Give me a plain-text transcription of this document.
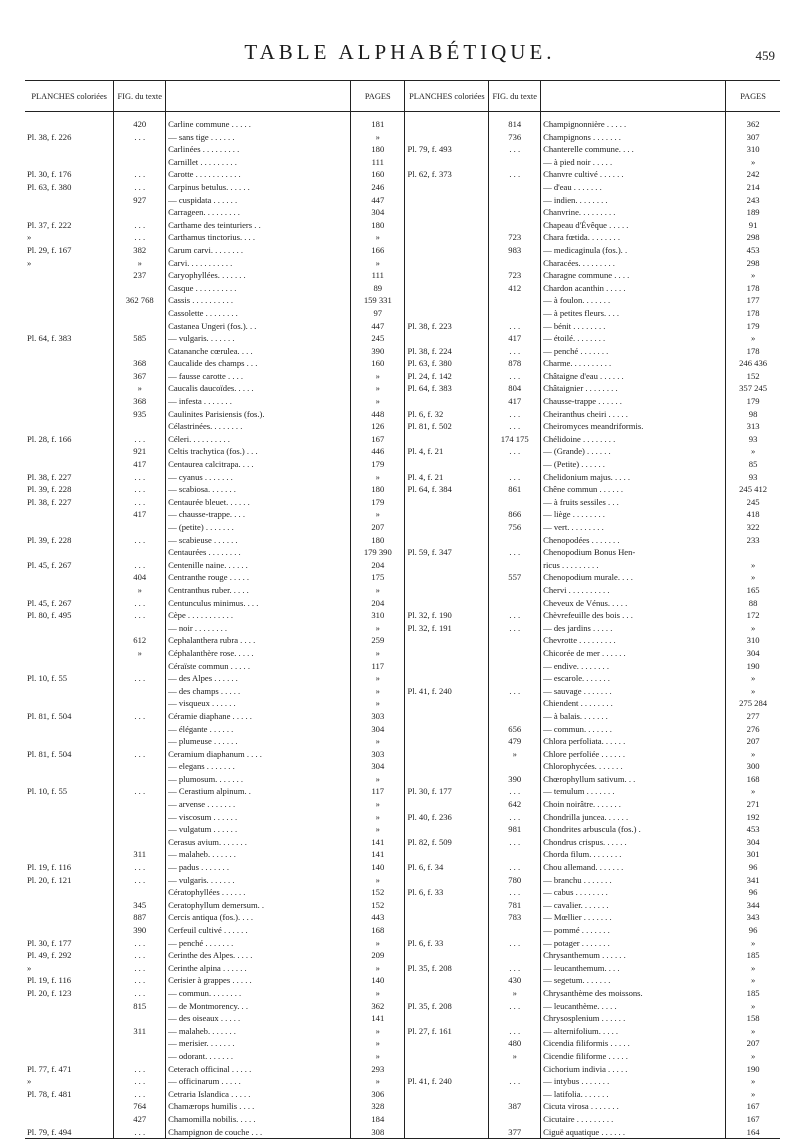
TABLE ALPHABÉTIQUE.	459
PLANCHES coloriées	FIG. du texte		PAGES	PLANCHES coloriées	FIG. du texte		PAGES

	420	Carline commune . . . . .	181		814	Champignonnière . . . . .	362
Pl. 38, f. 226	. . .	— sans tige . . . . . .	»		736	Champignons . . . . . . .	307
		Carlinées . . . . . . . . .	180	Pl. 79, f. 493	. . .	Chanterelle commune. . . .	310
		Carnillet . . . . . . . . .	111			— à pied noir . . . . .	»
Pl. 30, f. 176	. . .	Carotte . . . . . . . . . . .	160	Pl. 62, f. 373	. . .	Chanvre cultivé . . . . . .	242
Pl. 63, f. 380	. . .	Carpinus betulus. . . . . .	246			— d'eau . . . . . . .	214
	927	— cuspidata . . . . . .	447			— indien. . . . . . . .	243
		Carrageen. . . . . . . . .	304			Chanvrine. . . . . . . . .	189
Pl. 37, f. 222	. . .	Carthame des teinturiers . .	180			Chapeau d'Évêque . . . . .	91
»	. . .	Carthamus tinctorius. . . .	»		723	Chara fœtida. . . . . . . .	298
Pl. 29, f. 167	382	Carum carvi. . . . . . . .	166		983	— medicaginula (fos.). .	453
»	»	Carvi. . . . . . . . . . .	»			Characées. . . . . . . . .	298
	237	Caryophyllées. . . . . . .	111		723	Charagne commune . . . .	»
		Casque . . . . . . . . . .	89		412	Chardon acanthin . . . . .	178
	362 768	Cassis . . . . . . . . . .	159 331			— à foulon. . . . . . .	177
		Cassolette . . . . . . . .	97			— à petites fleurs. . . .	178
		Castanea Ungeri (fos.). . .	447	Pl. 38, f. 223	. . .	— bénit . . . . . . . .	179
Pl. 64, f. 383	585	— vulgaris. . . . . . .	245		417	— étoilé. . . . . . . .	»
		Catananche cœrulea. . . .	390	Pl. 38, f. 224	. . .	— penché . . . . . . .	178
	368	Caucalide des champs . . .	160	Pl. 63, f. 380	878	Charme. . . . . . . . . .	246 436
	367	— fausse carotte . . . .	»	Pl. 24, f. 142	. . .	Châtaigne d'eau . . . . . .	152
	»	Caucalis daucoïdes. . . . .	»	Pl. 64, f. 383	804	Châtaignier . . . . . . . .	357 245
	368	— infesta . . . . . . .	»		417	Chausse-trappe . . . . . .	179
	935	Caulinites Parisiensis (fos.).	448	Pl. 6, f. 32	. . .	Cheiranthus cheiri . . . . .	98
		Célastrinées. . . . . . . .	126	Pl. 81, f. 502	. . .	Cheiromyces meandriformis.	313
Pl. 28, f. 166	. . .	Céleri. . . . . . . . . .	167		174 175	Chélidoine . . . . . . . .	93
	921	Celtis trachytica (fos.) . . .	446	Pl. 4, f. 21	. . .	— (Grande) . . . . . .	»
	417	Centaurea calcitrapa. . . .	179			— (Petite) . . . . . .	85
Pl. 38, f. 227	. . .	— cyanus . . . . . . .	»	Pl. 4, f. 21	. . .	Chelidonium majus. . . . .	93
Pl. 39, f. 228	. . .	— scabiosa. . . . . . .	180	Pl. 64, f. 384	861	Chêne commun . . . . . .	245 412
Pl. 38, f. 227	. . .	Centaurée bleuet. . . . . .	179			— à fruits sessiles . . .	245
	417	— chausse-trappe. . . .	»		866	— liège . . . . . . . .	418
		— (petite) . . . . . . .	207		756	— vert. . . . . . . . .	322
Pl. 39, f. 228	. . .	— scabieuse . . . . . .	180			Chenopodées . . . . . . .	233
		Centaurées . . . . . . . .	179 390	Pl. 59, f. 347	. . .	Chenopodium Bonus Hen-	
Pl. 45, f. 267	. . .	Centenille naine. . . . . .	204			ricus . . . . . . . . .	»
	404	Centranthe rouge . . . . .	175		557	Chenopodium murale. . . .	»
	»	Centranthus ruber. . . . .	»			Chervi . . . . . . . . . .	165
Pl. 45, f. 267	. . .	Centunculus minimus. . . .	204			Cheveux de Vénus. . . . .	88
Pl. 80, f. 495	. . .	Cèpe . . . . . . . . . . .	310	Pl. 32, f. 190	. . .	Chèvrefeuille des bois . . .	172
		— noir . . . . . . . .	»	Pl. 32, f. 191	. . .	— des jardins . . . . .	»
	612	Cephalanthera rubra . . . .	259			Chevrotte . . . . . . . . .	310
	»	Céphalanthère rose. . . . .	»			Chicorée de mer . . . . . .	304
		Céraïste commun . . . . .	117			— endive. . . . . . . .	190
Pl. 10, f. 55	. . .	— des Alpes . . . . . .	»			— escarole. . . . . . .	»
		— des champs . . . . .	»	Pl. 41, f. 240	. . .	— sauvage . . . . . . .	»
		— visqueux . . . . . .	»			Chiendent . . . . . . . .	275 284
Pl. 81, f. 504	. . .	Céramie diaphane . . . . .	303			— à balais. . . . . . .	277
		— élégante . . . . . .	304		656	— commun. . . . . . .	276
		— plumeuse . . . . . .	»		479	Chlora perfoliata. . . . . .	207
Pl. 81, f. 504	. . .	Ceramium diaphanum . . . .	303		»	Chlore perfoliée . . . . . .	»
		— elegans . . . . . . .	304			Chlorophycées. . . . . . .	300
		— plumosum. . . . . . .	»		390	Chœrophyllum sativum. . .	168
Pl. 10, f. 55	. . .	— Cerastium alpinum. .	117	Pl. 30, f. 177	. . .	— temulum . . . . . . .	»
		— arvense . . . . . . .	»		642	Choin noirâtre. . . . . . .	271
		— viscosum . . . . . .	»	Pl. 40, f. 236	. . .	Chondrilla juncea. . . . . .	192
		— vulgatum . . . . . .	»		981	Chondrites arbuscula (fos.) .	453
		Cerasus avium. . . . . . .	141	Pl. 82, f. 509	. . .	Chondrus crispus. . . . . .	304
	311	— malaheb. . . . . . .	141			Chorda filum. . . . . . . .	301
Pl. 19, f. 116	. . .	— padus . . . . . . .	140	Pl. 6, f. 34	. . .	Chou allemand. . . . . . .	96
Pl. 20, f. 121	. . .	— vulgaris. . . . . . .	»		780	— branchu . . . . . . .	341
		Cératophyllées . . . . . .	152	Pl. 6, f. 33	. . .	— cabus . . . . . . . .	96
	345	Ceratophyllum demersum. .	152		781	— cavalier. . . . . . .	344
	887	Cercis antiqua (fos.). . . .	443		783	— Mœllier . . . . . . .	343
	390	Cerfeuil cultivé . . . . . .	168			— pommé . . . . . . .	96
Pl. 30, f. 177	. . .	— penché . . . . . . .	»	Pl. 6, f. 33	. . .	— potager . . . . . . .	»
Pl. 49, f. 292	. . .	Cerinthe des Alpes. . . . .	209			Chrysanthemum . . . . . .	185
»	. . .	Cerinthe alpina . . . . . .	»	Pl. 35, f. 208	. . .	— leucanthemum. . . .	»
Pl. 19, f. 116	. . .	Cerisier à grappes . . . . .	140		430	— segetum. . . . . . .	»
Pl. 20, f. 123	. . .	— commun. . . . . . . .	»		»	Chrysanthème des moissons.	185
	815	— de Montmorency. . .	362	Pl. 35, f. 208	. . .	— leucanthème. . . . .	»
		— des oiseaux . . . . .	141			Chrysosplenium . . . . . .	158
	311	— malaheb. . . . . . .	»	Pl. 27, f. 161	. . .	— alternifolium. . . . .	»
		— merisier. . . . . . .	»		480	Cicendia filiformis . . . . .	207
		— odorant. . . . . . .	»		»	Cicendie filiforme . . . . .	»
Pl. 77, f. 471	. . .	Ceterach officinal . . . . .	293			Cichorium indivia . . . . .	190
»	. . .	— officinarum . . . . .	»	Pl. 41, f. 240	. . .	— intybus . . . . . . .	»
Pl. 78, f. 481	. . .	Cetraria Islandica . . . . .	306			— latifolia. . . . . . .	»
	764	Chamærops humilis . . . .	328		387	Cicuta virosa . . . . . . .	167
	427	Chamomilla nobilis. . . . .	184			Cicutaire . . . . . . . . .	167
Pl. 79, f. 494	. . .	Champignon de couche . . .	308		377	Ciguë aquatique . . . . . .	164
